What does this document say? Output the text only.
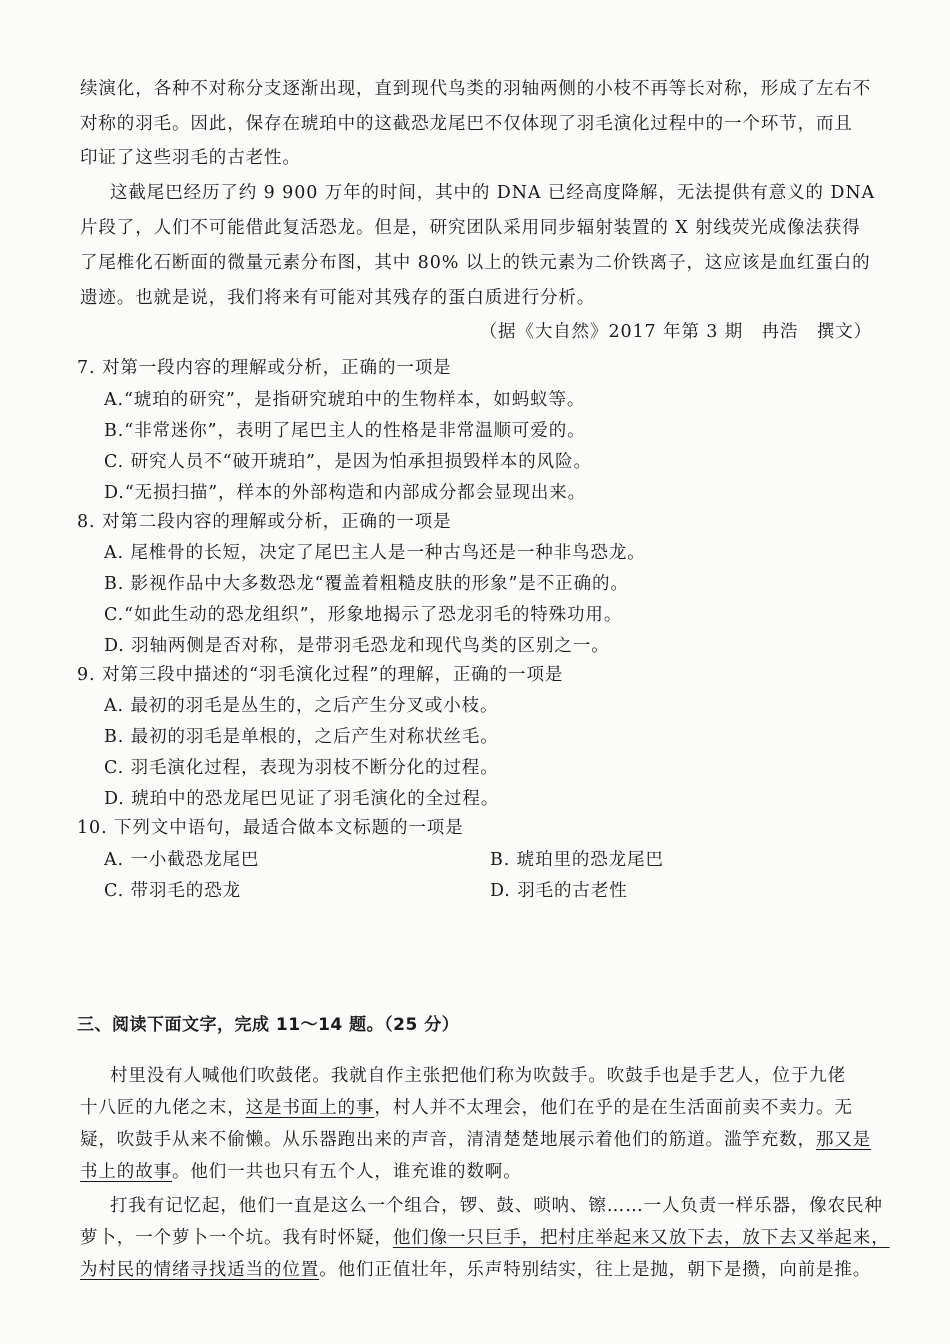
续演化，各种不对称分支逐渐出现，直到现代鸟类的羽轴两侧的小枝不再等长对称，形成了左右不
对称的羽毛。因此，保存在琥珀中的这截恐龙尾巴不仅体现了羽毛演化过程中的一个环节，而且
印证了这些羽毛的古老性。
这截尾巴经历了约 9 900 万年的时间，其中的 DNA 已经高度降解，无法提供有意义的 DNA
片段了，人们不可能借此复活恐龙。但是，研究团队采用同步辐射装置的 X 射线荧光成像法获得
了尾椎化石断面的微量元素分布图，其中 80% 以上的铁元素为二价铁离子，这应该是血红蛋白的
遗迹。也就是说，我们将来有可能对其残存的蛋白质进行分析。
（据《大自然》2017 年第 3 期　冉浩　撰文）
7. 对第一段内容的理解或分析，正确的一项是
A.“琥珀的研究”，是指研究琥珀中的生物样本，如蚂蚁等。
B.“非常迷你”，表明了尾巴主人的性格是非常温顺可爱的。
C. 研究人员不“破开琥珀”，是因为怕承担损毁样本的风险。
D.“无损扫描”，样本的外部构造和内部成分都会显现出来。
8. 对第二段内容的理解或分析，正确的一项是
A. 尾椎骨的长短，决定了尾巴主人是一种古鸟还是一种非鸟恐龙。
B. 影视作品中大多数恐龙“覆盖着粗糙皮肤的形象”是不正确的。
C.“如此生动的恐龙组织”，形象地揭示了恐龙羽毛的特殊功用。
D. 羽轴两侧是否对称，是带羽毛恐龙和现代鸟类的区别之一。
9. 对第三段中描述的“羽毛演化过程”的理解，正确的一项是
A. 最初的羽毛是丛生的，之后产生分叉或小枝。
B. 最初的羽毛是单根的，之后产生对称状丝毛。
C. 羽毛演化过程，表现为羽枝不断分化的过程。
D. 琥珀中的恐龙尾巴见证了羽毛演化的全过程。
10. 下列文中语句，最适合做本文标题的一项是
A. 一小截恐龙尾巴	B. 琥珀里的恐龙尾巴
C. 带羽毛的恐龙	D. 羽毛的古老性
三、阅读下面文字，完成 11～14 题。（25 分）
村里没有人喊他们吹鼓佬。我就自作主张把他们称为吹鼓手。吹鼓手也是手艺人，位于九佬
十八匠的九佬之末，这是书面上的事，村人并不太理会，他们在乎的是在生活面前卖不卖力。无
疑，吹鼓手从来不偷懒。从乐器跑出来的声音，清清楚楚地展示着他们的筋道。滥竽充数，那又是
书上的故事。他们一共也只有五个人，谁充谁的数啊。
打我有记忆起，他们一直是这么一个组合，锣、鼓、唢呐、镲……一人负责一样乐器，像农民种
萝卜，一个萝卜一个坑。我有时怀疑，他们像一只巨手，把村庄举起来又放下去，放下去又举起来，
为村民的情绪寻找适当的位置。他们正值壮年，乐声特别结实，往上是抛，朝下是攒，向前是推。
